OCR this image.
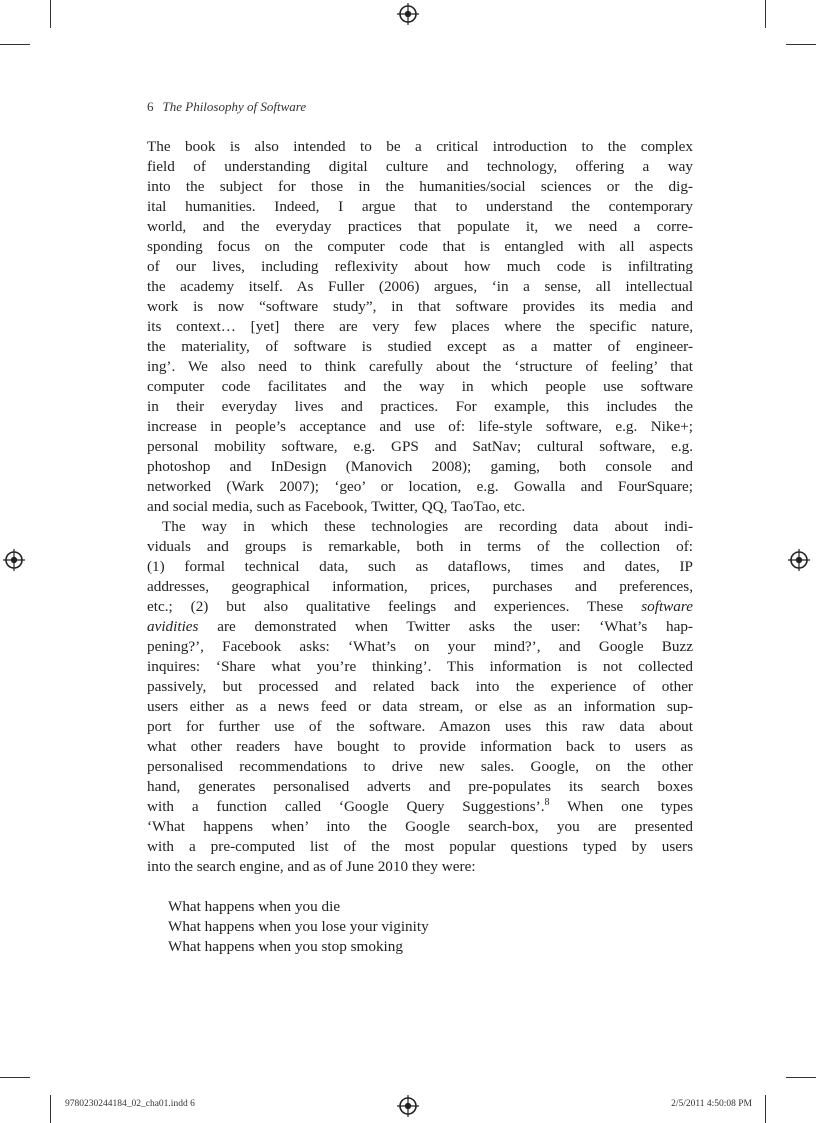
6 The Philosophy of Software
The book is also intended to be a critical introduction to the complex
field of understanding digital culture and technology, offering a way
into the subject for those in the humanities/social sciences or the dig-
ital humanities. Indeed, I argue that to understand the contemporary
world, and the everyday practices that populate it, we need a corre-
sponding focus on the computer code that is entangled with all aspects
of our lives, including reflexivity about how much code is infiltrating
the academy itself. As Fuller (2006) argues, ‘in a sense, all intellectual
work is now “software study”, in that software provides its media and
its context… [yet] there are very few places where the specific nature,
the materiality, of software is studied except as a matter of engineer-
ing’. We also need to think carefully about the ‘structure of feeling’ that
computer code facilitates and the way in which people use software
in their everyday lives and practices. For example, this includes the
increase in people’s acceptance and use of: life-style software, e.g. Nike+;
personal mobility software, e.g. GPS and SatNav; cultural software, e.g.
photoshop and InDesign (Manovich 2008); gaming, both console and
networked (Wark 2007); ‘geo’ or location, e.g. Gowalla and FourSquare;
and social media, such as Facebook, Twitter, QQ, TaoTao, etc.
The way in which these technologies are recording data about indi-
viduals and groups is remarkable, both in terms of the collection of:
(1) formal technical data, such as dataflows, times and dates, IP
addresses, geographical information, prices, purchases and preferences,
etc.; (2) but also qualitative feelings and experiences. These software
avidities are demonstrated when Twitter asks the user: ‘What’s hap-
pening?’, Facebook asks: ‘What’s on your mind?’, and Google Buzz
inquires: ‘Share what you’re thinking’. This information is not collected
passively, but processed and related back into the experience of other
users either as a news feed or data stream, or else as an information sup-
port for further use of the software. Amazon uses this raw data about
what other readers have bought to provide information back to users as
personalised recommendations to drive new sales. Google, on the other
hand, generates personalised adverts and pre-populates its search boxes
with a function called ‘Google Query Suggestions’.$^8$ When one types
‘What happens when’ into the Google search-box, you are presented
with a pre-computed list of the most popular questions typed by users
into the search engine, and as of June 2010 they were:
What happens when you die
What happens when you lose your viginity
What happens when you stop smoking
9780230244184_02_cha01.indd 6	2/5/2011 4:50:08 PM
